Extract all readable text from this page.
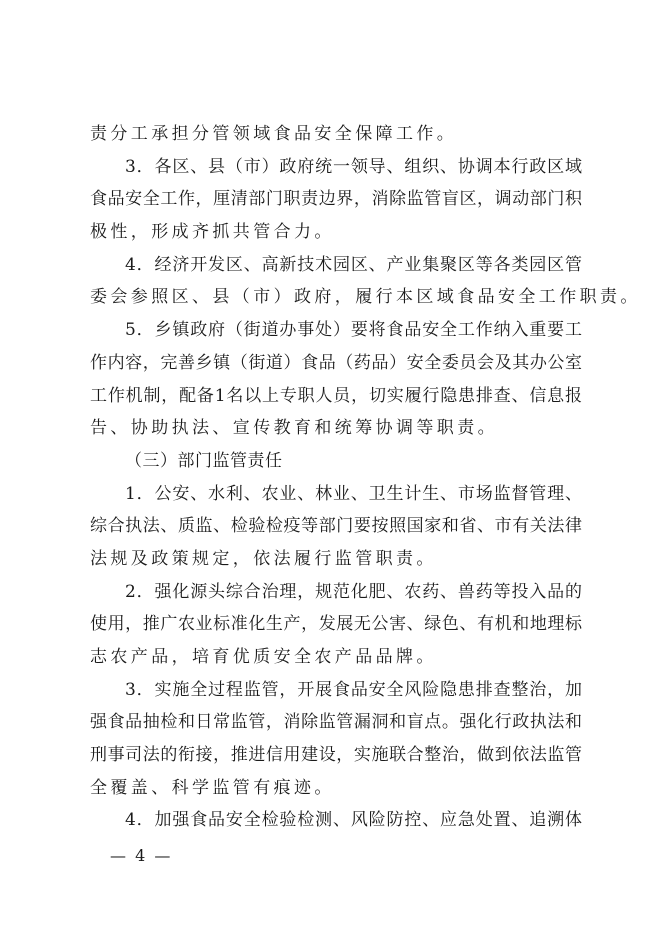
责分工承担分管领域食品安全保障工作。
3．各区、县（市）政府统一领导、组织、协调本行政区域
食品安全工作，厘清部门职责边界，消除监管盲区，调动部门积
极性，形成齐抓共管合力。
4．经济开发区、高新技术园区、产业集聚区等各类园区管
委会参照区、县（市）政府，履行本区域食品安全工作职责。
5．乡镇政府（街道办事处）要将食品安全工作纳入重要工
作内容，完善乡镇（街道）食品（药品）安全委员会及其办公室
工作机制，配备1名以上专职人员，切实履行隐患排查、信息报
告、协助执法、宣传教育和统筹协调等职责。
（三）部门监管责任
1．公安、水利、农业、林业、卫生计生、市场监督管理、
综合执法、质监、检验检疫等部门要按照国家和省、市有关法律
法规及政策规定，依法履行监管职责。
2．强化源头综合治理，规范化肥、农药、兽药等投入品的
使用，推广农业标准化生产，发展无公害、绿色、有机和地理标
志农产品，培育优质安全农产品品牌。
3．实施全过程监管，开展食品安全风险隐患排查整治，加
强食品抽检和日常监管，消除监管漏洞和盲点。强化行政执法和
刑事司法的衔接，推进信用建设，实施联合整治，做到依法监管
全覆盖、科学监管有痕迹。
4．加强食品安全检验检测、风险防控、应急处置、追溯体
— 4 —
